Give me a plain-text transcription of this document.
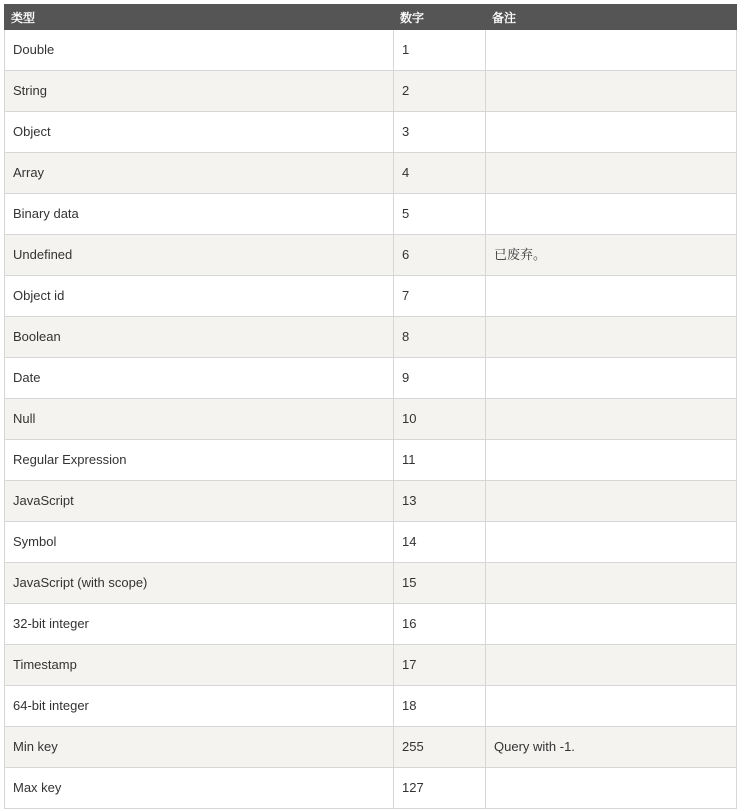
类型	数字	备注
Double	1	
String	2	
Object	3	
Array	4	
Binary data	5	
Undefined	6	已废弃。
Object id	7	
Boolean	8	
Date	9	
Null	10	
Regular Expression	11	
JavaScript	13	
Symbol	14	
JavaScript (with scope)	15	
32-bit integer	16	
Timestamp	17	
64-bit integer	18	
Min key	255	Query with -1.
Max key	127	
